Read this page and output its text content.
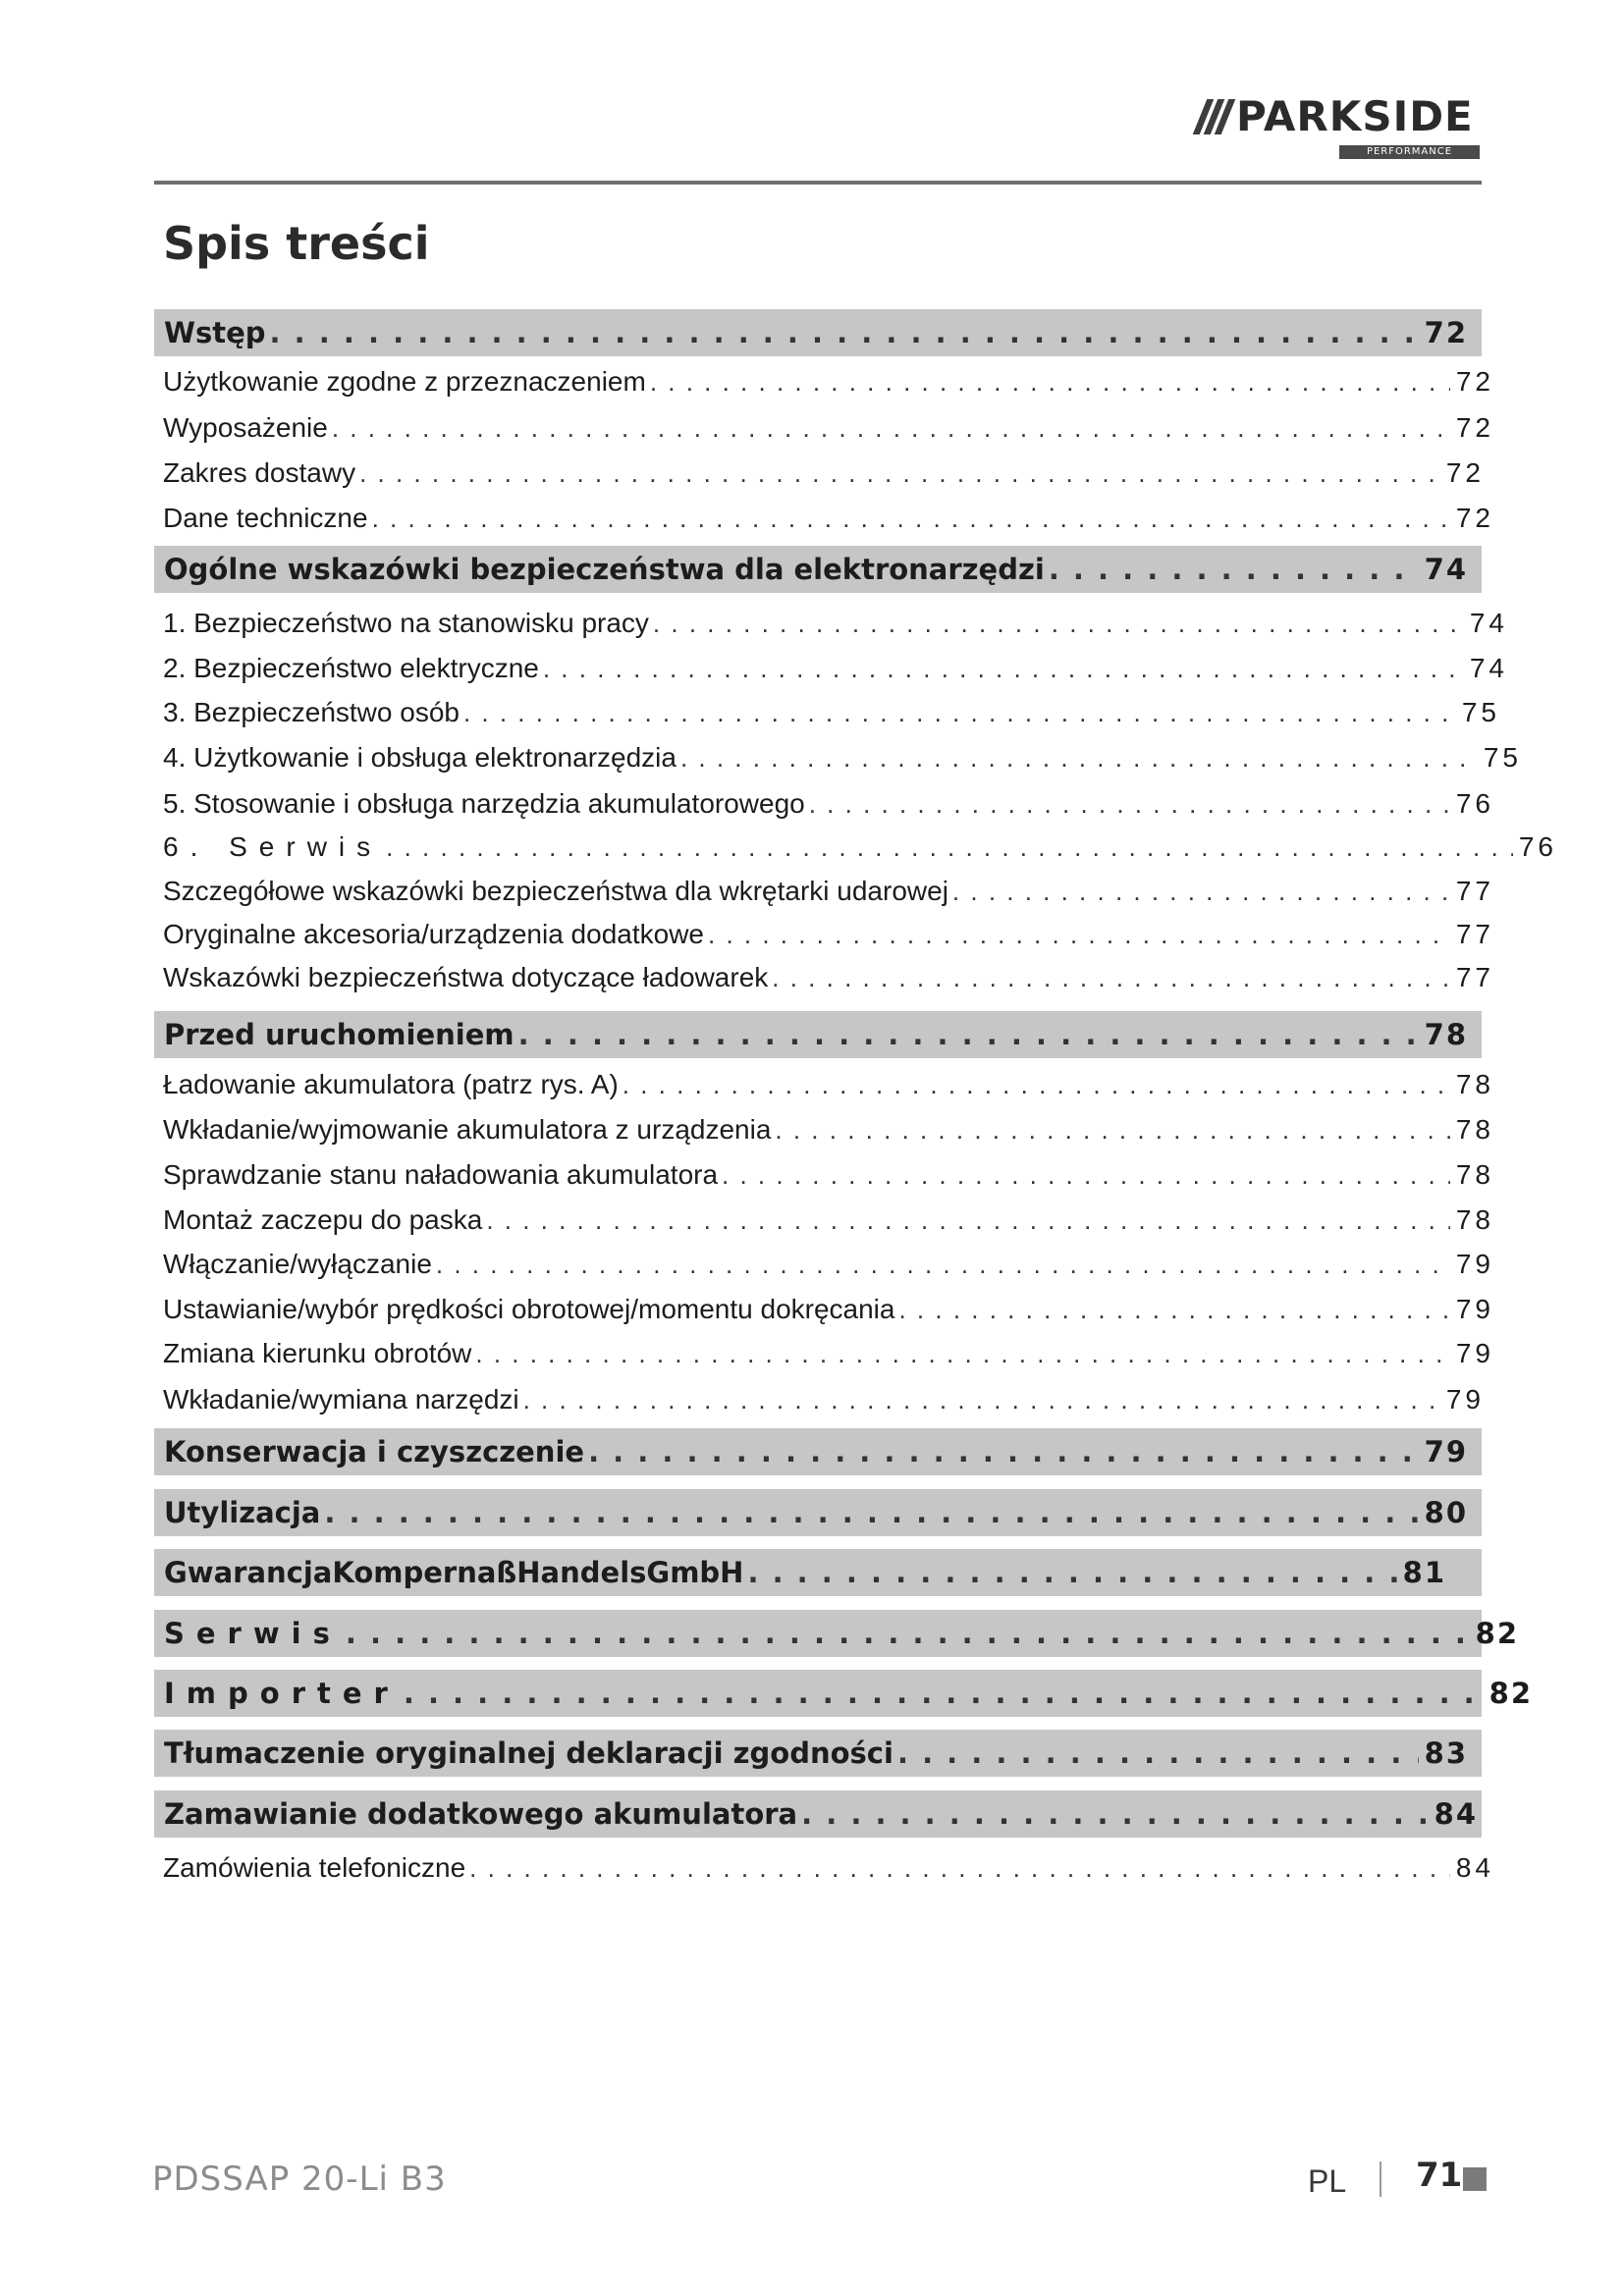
PARKSIDE
PERFORMANCE
Spis treści
Wstęp . . .	72
Użytkowanie zgodne z przeznaczeniem . . .	72
Wyposażenie . . .	72
Zakres dostawy . . .	72
Dane techniczne . . .	72
Ogólne wskazówki bezpieczeństwa dla elektronarzędzi . . .	74
1. Bezpieczeństwo na stanowisku pracy . . .	74
2. Bezpieczeństwo elektryczne . . .	74
3. Bezpieczeństwo osób . . .	75
4. Użytkowanie i obsługa elektronarzędzia . . .	75
5. Stosowanie i obsługa narzędzia akumulatorowego . . .	76
6. Serwis . . .	76
Szczegółowe wskazówki bezpieczeństwa dla wkrętarki udarowej . . .	77
Oryginalne akcesoria/urządzenia dodatkowe . . .	77
Wskazówki bezpieczeństwa dotyczące ładowarek . . .	77
Przed uruchomieniem . . .	78
Ładowanie akumulatora (patrz rys. A) . . .	78
Wkładanie/wyjmowanie akumulatora z urządzenia . . .	78
Sprawdzanie stanu naładowania akumulatora . . .	78
Montaż zaczepu do paska . . .	78
Włączanie/wyłączanie . . .	79
Ustawianie/wybór prędkości obrotowej/momentu dokręcania . . .	79
Zmiana kierunku obrotów . . .	79
Wkładanie/wymiana narzędzi . . .	79
Konserwacja i czyszczenie . . .	79
Utylizacja . . .	80
GwarancjaKompernaßHandelsGmbH . . .	81
Serwis . . .	82
Importer . . .	82
Tłumaczenie oryginalnej deklaracji zgodności . . .	83
Zamawianie dodatkowego akumulatora . . .	84
Zamówienia telefoniczne . . .	84
PDSSAP 20-Li B3	PL 71
